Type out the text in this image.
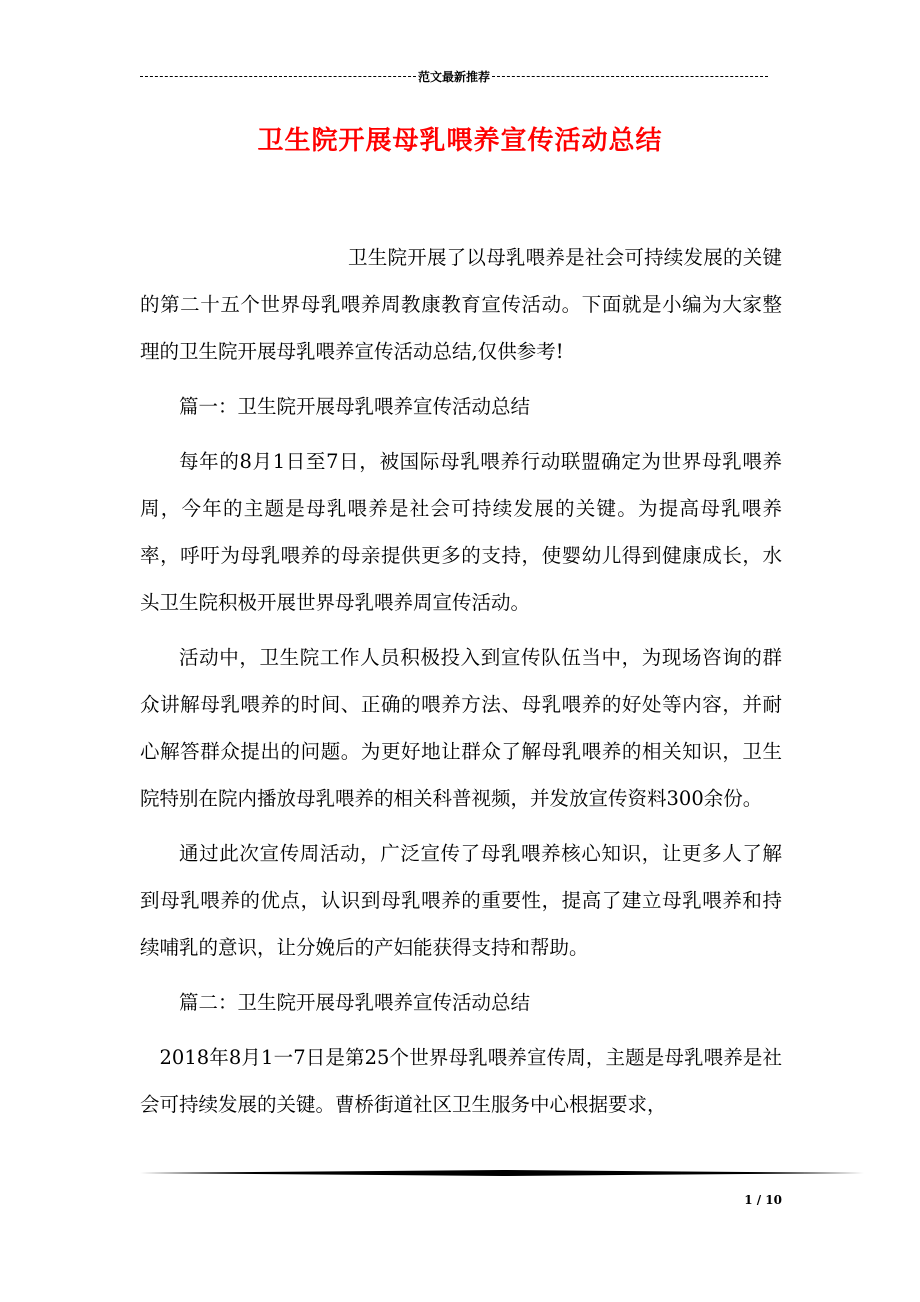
范文最新推荐
卫生院开展母乳喂养宣传活动总结

卫生院开展了以母乳喂养是社会可持续发展的关键的第二十五个世界母乳喂养周教康教育宣传活动。下面就是小编为大家整理的卫生院开展母乳喂养宣传活动总结,仅供参考!

篇一：卫生院开展母乳喂养宣传活动总结

每年的8月1日至7日，被国际母乳喂养行动联盟确定为世界母乳喂养周，今年的主题是母乳喂养是社会可持续发展的关键。为提高母乳喂养率，呼吁为母乳喂养的母亲提供更多的支持，使婴幼儿得到健康成长，水头卫生院积极开展世界母乳喂养周宣传活动。

活动中，卫生院工作人员积极投入到宣传队伍当中，为现场咨询的群众讲解母乳喂养的时间、正确的喂养方法、母乳喂养的好处等内容，并耐心解答群众提出的问题。为更好地让群众了解母乳喂养的相关知识，卫生院特别在院内播放母乳喂养的相关科普视频，并发放宣传资料300余份。

通过此次宣传周活动，广泛宣传了母乳喂养核心知识，让更多人了解到母乳喂养的优点，认识到母乳喂养的重要性，提高了建立母乳喂养和持续哺乳的意识，让分娩后的产妇能获得支持和帮助。

篇二：卫生院开展母乳喂养宣传活动总结

2018年8月1一7日是第25个世界母乳喂养宣传周，主题是母乳喂养是社会可持续发展的关键。曹桥街道社区卫生服务中心根据要求，

1 / 10
